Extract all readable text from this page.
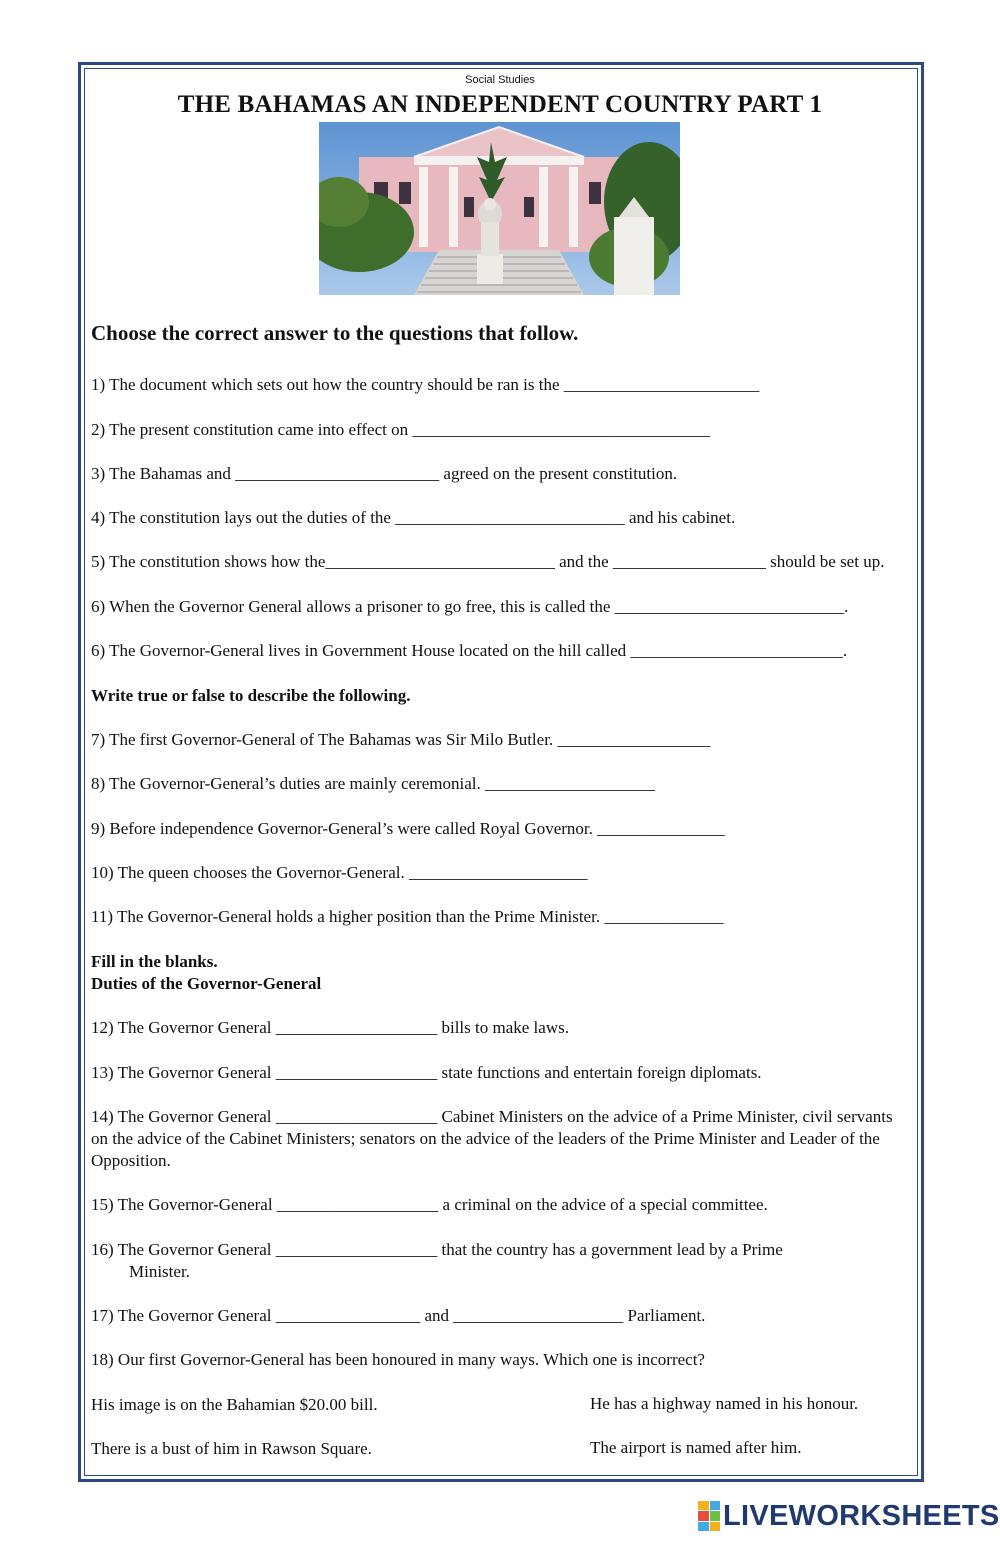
Social Studies
THE BAHAMAS AN INDEPENDENT COUNTRY PART 1
Choose the correct answer to the questions that follow.
1) The document which sets out how the country should be ran is the _______________________
2) The present constitution came into effect on ___________________________________
3) The Bahamas and ________________________ agreed on the present constitution.
4) The constitution lays out the duties of the ___________________________ and his cabinet.
5) The constitution shows how the___________________________ and the __________________ should be set up.
6) When the Governor General allows a prisoner to go free, this is called the ___________________________.
6) The Governor-General lives in Government House located on the hill called _________________________.
Write true or false to describe the following.
7) The first Governor-General of The Bahamas was Sir Milo Butler. __________________
8) The Governor-General’s duties are mainly ceremonial. ____________________
9) Before independence Governor-General’s were called Royal Governor. _______________
10) The queen chooses the Governor-General. _____________________
11) The Governor-General holds a higher position than the Prime Minister. ______________
Fill in the blanks.
Duties of the Governor-General
12) The Governor General ___________________ bills to make laws.
13) The Governor General ___________________ state functions and entertain foreign diplomats.
14) The Governor General ___________________ Cabinet Ministers on the advice of a Prime Minister, civil servants on the advice of the Cabinet Ministers; senators on the advice of the leaders of the Prime Minister and Leader of the Opposition.
15) The Governor-General ___________________ a criminal on the advice of a special committee.
16) The Governor General ___________________ that the country has a government lead by a Prime
Minister.
17) The Governor General _________________ and ____________________ Parliament.
18) Our first Governor-General has been honoured in many ways. Which one is incorrect?
His image is on the Bahamian $20.00 bill.	He has a highway named in his honour.
There is a bust of him in Rawson Square.	The airport is named after him.
LIVEWORKSHEETS
